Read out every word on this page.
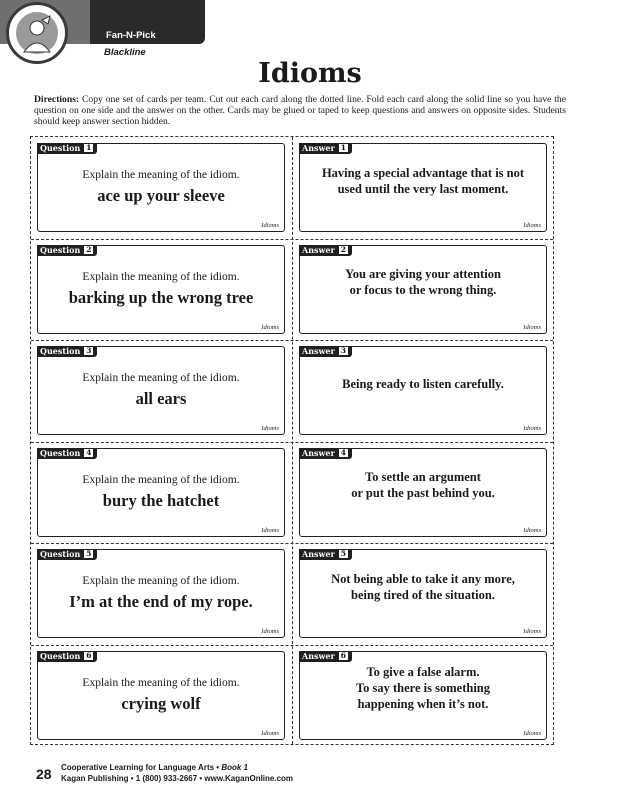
Fan-N-Pick
Blackline
Idioms
Directions: Copy one set of cards per team. Cut out each card along the dotted line. Fold each card along the solid line so you have the question on one side and the answer on the other. Cards may be glued or taped to keep questions and answers on opposite sides. Students should keep answer section hidden.
Question 1
Explain the meaning of the idiom.
ace up your sleeve
Idioms
Answer 1
Having a special advantage that is not
used until the very last moment.
Idioms
Question 2
Explain the meaning of the idiom.
barking up the wrong tree
Idioms
Answer 2
You are giving your attention
or focus to the wrong thing.
Idioms
Question 3
Explain the meaning of the idiom.
all ears
Idioms
Answer 3
Being ready to listen carefully.
Idioms
Question 4
Explain the meaning of the idiom.
bury the hatchet
Idioms
Answer 4
To settle an argument
or put the past behind you.
Idioms
Question 5
Explain the meaning of the idiom.
I’m at the end of my rope.
Idioms
Answer 5
Not being able to take it any more,
being tired of the situation.
Idioms
Question 6
Explain the meaning of the idiom.
crying wolf
Idioms
Answer 6
To give a false alarm.
To say there is something
happening when it’s not.
Idioms
28 Cooperative Learning for Language Arts • Book 1
Kagan Publishing • 1 (800) 933-2667 • www.KaganOnline.com
